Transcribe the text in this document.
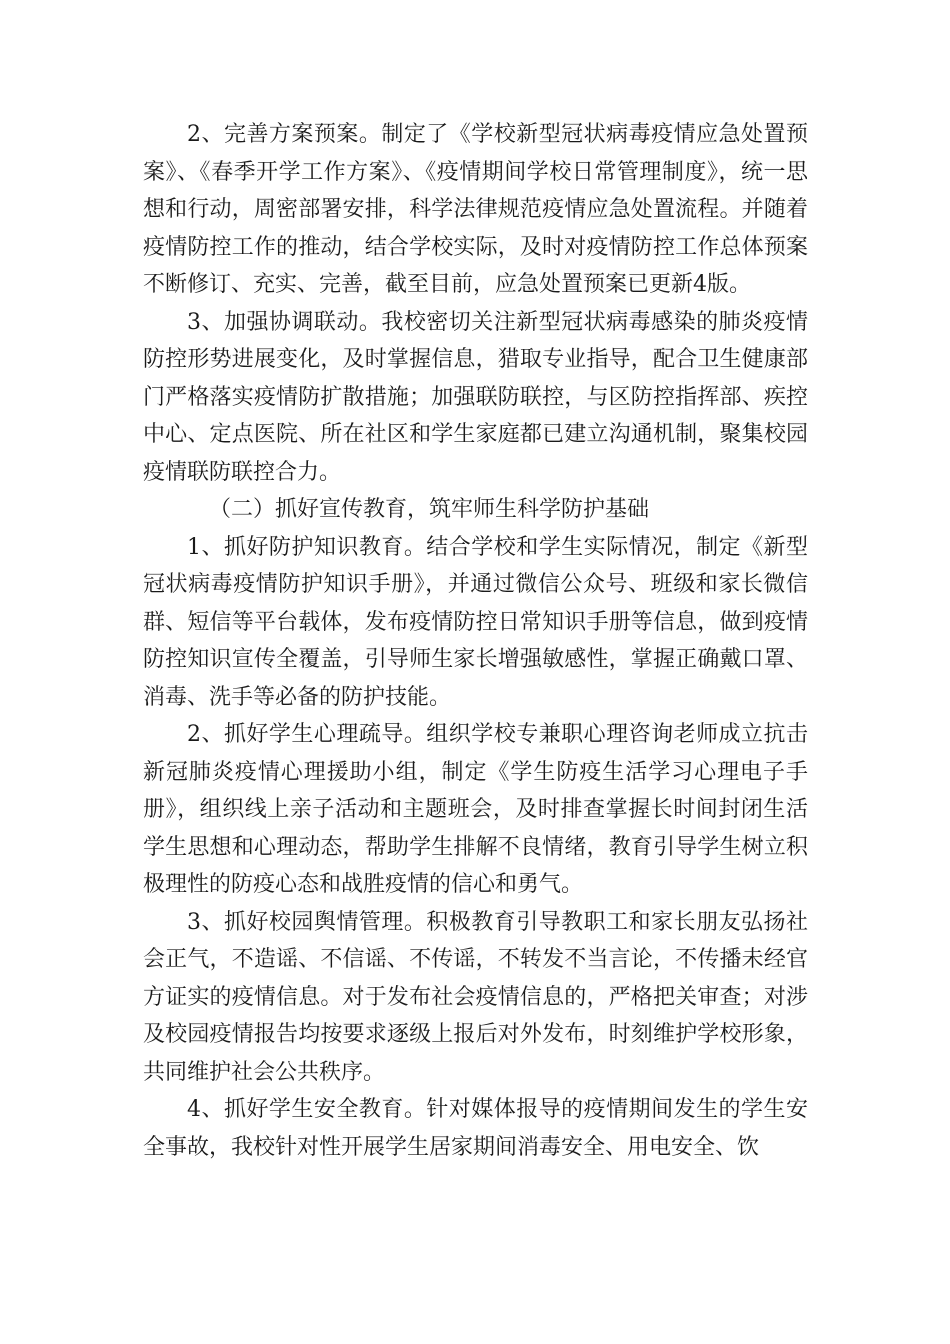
2、完善方案预案。制定了《学校新型冠状病毒疫情应急处置预案》、《春季开学工作方案》、《疫情期间学校日常管理制度》，统一思想和行动，周密部署安排，科学法律规范疫情应急处置流程。并随着疫情防控工作的推动，结合学校实际，及时对疫情防控工作总体预案不断修订、充实、完善，截至目前，应急处置预案已更新4版。

3、加强协调联动。我校密切关注新型冠状病毒感染的肺炎疫情防控形势进展变化，及时掌握信息，猎取专业指导，配合卫生健康部门严格落实疫情防扩散措施；加强联防联控，与区防控指挥部、疾控中心、定点医院、所在社区和学生家庭都已建立沟通机制，聚集校园疫情联防联控合力。

（二）抓好宣传教育，筑牢师生科学防护基础

1、抓好防护知识教育。结合学校和学生实际情况，制定《新型冠状病毒疫情防护知识手册》，并通过微信公众号、班级和家长微信群、短信等平台载体，发布疫情防控日常知识手册等信息，做到疫情防控知识宣传全覆盖，引导师生家长增强敏感性，掌握正确戴口罩、消毒、洗手等必备的防护技能。

2、抓好学生心理疏导。组织学校专兼职心理咨询老师成立抗击新冠肺炎疫情心理援助小组，制定《学生防疫生活学习心理电子手册》，组织线上亲子活动和主题班会，及时排查掌握长时间封闭生活学生思想和心理动态，帮助学生排解不良情绪，教育引导学生树立积极理性的防疫心态和战胜疫情的信心和勇气。

3、抓好校园舆情管理。积极教育引导教职工和家长朋友弘扬社会正气，不造谣、不信谣、不传谣，不转发不当言论，不传播未经官方证实的疫情信息。对于发布社会疫情信息的，严格把关审查；对涉及校园疫情报告均按要求逐级上报后对外发布，时刻维护学校形象，共同维护社会公共秩序。

4、抓好学生安全教育。针对媒体报导的疫情期间发生的学生安全事故，我校针对性开展学生居家期间消毒安全、用电安全、饮
